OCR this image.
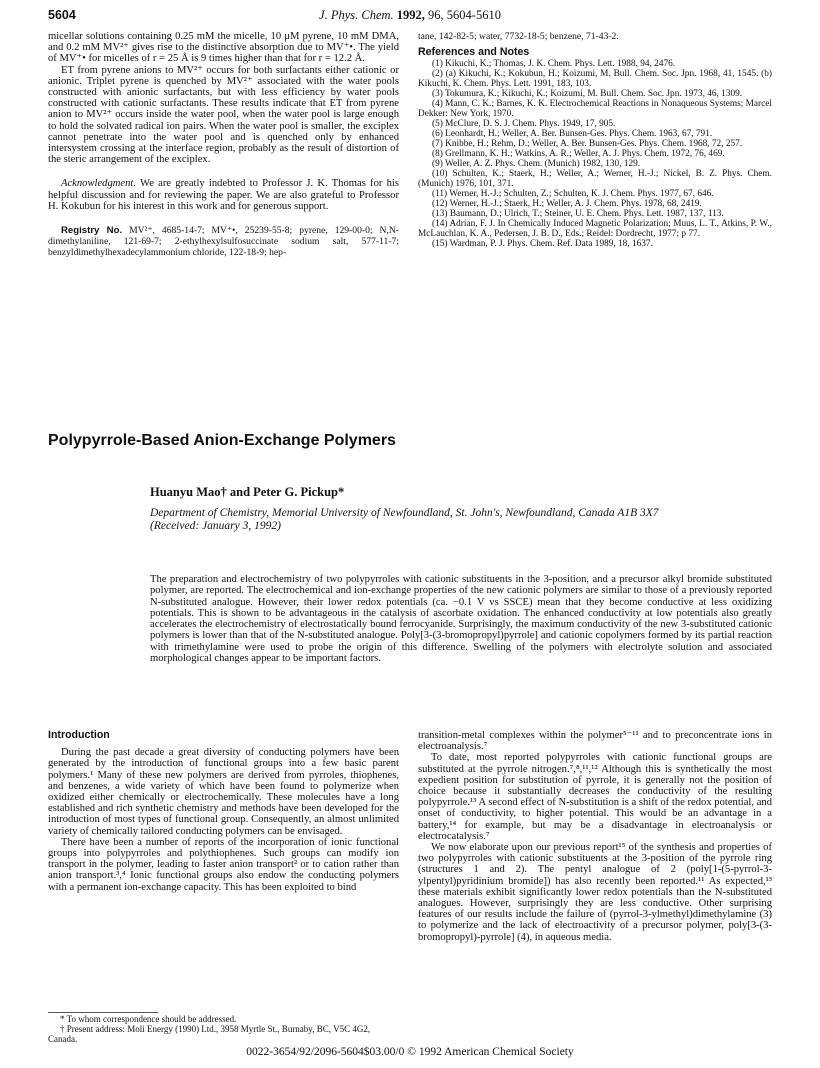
5604	J. Phys. Chem. 1992, 96, 5604-5610

micellar solutions containing 0.25 mM the micelle, 10 μM pyrene, 10 mM DMA, and 0.2 mM MV²⁺ gives rise to the distinctive absorption due to MV⁺•. The yield of MV⁺• for micelles of r = 25 Å is 9 times higher than that for r = 12.2 Å.

ET from pyrene anions to MV²⁺ occurs for both surfactants either cationic or anionic. Triplet pyrene is quenched by MV²⁺ associated with the water pools constructed with anionic surfactants, but with less efficiency by water pools constructed with cationic surfactants. These results indicate that ET from pyrene anion to MV²⁺ occurs inside the water pool, when the water pool is large enough to hold the solvated radical ion pairs. When the water pool is smaller, the exciplex cannot penetrate into the water pool and is quenched only by enhanced intersystem crossing at the interface region, probably as the result of distortion of the steric arrangement of the exciplex.

Acknowledgment. We are greatly indebted to Professor J. K. Thomas for his helpful discussion and for reviewing the paper. We are also grateful to Professor H. Kokubun for his interest in this work and for generous support.

Registry No. MV²⁺, 4685-14-7; MV⁺•, 25239-55-8; pyrene, 129-00-0; N,N-dimethylaniline, 121-69-7; 2-ethylhexylsulfosuccinate sodium salt, 577-11-7; benzyldimethylhexadecylammonium chloride, 122-18-9; hep-

tane, 142-82-5; water, 7732-18-5; benzene, 71-43-2.

References and Notes
(1) Kikuchi, K.; Thomas, J. K. Chem. Phys. Lett. 1988, 94, 2476.
(2) (a) Kikuchi, K.; Kokubun, H.; Koizumi, M. Bull. Chem. Soc. Jpn. 1968, 41, 1545. (b) Kikuchi, K. Chem. Phys. Lett. 1991, 183, 103.
(3) Tokumura, K.; Kikuchi, K.; Koizumi, M. Bull. Chem. Soc. Jpn. 1973, 46, 1309.
(4) Mann, C. K.; Barnes, K. K. Electrochemical Reactions in Nonaqueous Systems; Marcel Dekker: New York, 1970.
(5) McClure, D. S. J. Chem. Phys. 1949, 17, 905.
(6) Leonhardt, H.; Weller, A. Ber. Bunsen-Ges. Phys. Chem. 1963, 67, 791.
(7) Knibbe, H.; Rehm, D.; Weller, A. Ber. Bunsen-Ges. Phys. Chem. 1968, 72, 257.
(8) Grellmann, K. H.; Watkins, A. R.; Weller, A. J. Phys. Chem. 1972, 76, 469.
(9) Weller, A. Z. Phys. Chem. (Munich) 1982, 130, 129.
(10) Schulten, K.; Staerk, H.; Weller, A.; Werner, H.-J.; Nickel, B. Z. Phys. Chem. (Munich) 1976, 101, 371.
(11) Werner, H.-J.; Schulten, Z.; Schulten, K. J. Chem. Phys. 1977, 67, 646.
(12) Werner, H.-J.; Staerk, H.; Weller, A. J. Chem. Phys. 1978, 68, 2419.
(13) Baumann, D.; Ulrich, T.; Steiner, U. E. Chem. Phys. Lett. 1987, 137, 113.
(14) Adrian, F. J. In Chemically Induced Magnetic Polarization; Muus, L. T., Atkins, P. W., McLauchlan, K. A., Pedersen, J. B. D., Eds.; Reidel: Dordrecht, 1977; p 77.
(15) Wardman, P. J. Phys. Chem. Ref. Data 1989, 18, 1637.
Polypyrrole-Based Anion-Exchange Polymers
Huanyu Mao† and Peter G. Pickup*
Department of Chemistry, Memorial University of Newfoundland, St. John's, Newfoundland, Canada A1B 3X7
(Received: January 3, 1992)
The preparation and electrochemistry of two polypyrroles with cationic substituents in the 3-position, and a precursor alkyl bromide substituted polymer, are reported. The electrochemical and ion-exchange properties of the new cationic polymers are similar to those of a previously reported N-substituted analogue. However, their lower redox potentials (ca. −0.1 V vs SSCE) mean that they become conductive at less oxidizing potentials. This is shown to be advantageous in the catalysis of ascorbate oxidation. The enhanced conductivity at low potentials also greatly accelerates the electrochemistry of electrostatically bound ferrocyanide. Surprisingly, the maximum conductivity of the new 3-substituted cationic polymers is lower than that of the N-substituted analogue. Poly[3-(3-bromopropyl)pyrrole] and cationic copolymers formed by its partial reaction with trimethylamine were used to probe the origin of this difference. Swelling of the polymers with electrolyte solution and associated morphological changes appear to be important factors.
Introduction

During the past decade a great diversity of conducting polymers have been generated by the introduction of functional groups into a few basic parent polymers.¹ Many of these new polymers are derived from pyrroles, thiophenes, and benzenes, a wide variety of which have been found to polymerize when oxidized either chemically or electrochemically. These molecules have a long established and rich synthetic chemistry and methods have been developed for the introduction of most types of functional group. Consequently, an almost unlimited variety of chemically tailored conducting polymers can be envisaged.

There have been a number of reports of the incorporation of ionic functional groups into polypyrroles and polythiophenes. Such groups can modify ion transport in the polymer, leading to faster anion transport² or to cation rather than anion transport.³,⁴ Ionic functional groups also endow the conducting polymers with a permanent ion-exchange capacity. This has been exploited to bind

* To whom correspondence should be addressed.
† Present address: Moli Energy (1990) Ltd., 3958 Myrtle St., Burnaby, BC, V5C 4G2, Canada.

transition-metal complexes within the polymer⁵⁻¹¹ and to preconcentrate ions in electroanalysis.⁷

To date, most reported polypyrroles with cationic functional groups are substituted at the pyrrole nitrogen.⁷,⁸,¹¹,¹² Although this is synthetically the most expedient position for substitution of pyrrole, it is generally not the position of choice because it substantially decreases the conductivity of the resulting polypyrrole.¹³ A second effect of N-substitution is a shift of the redox potential, and onset of conductivity, to higher potential. This would be an advantage in a battery,¹⁴ for example, but may be a disadvantage in electroanalysis or electrocatalysis.⁷

We now elaborate upon our previous report¹⁵ of the synthesis and properties of two polypyrroles with cationic substituents at the 3-position of the pyrrole ring (structures 1 and 2). The pentyl analogue of 2 (poly[1-(5-pyrrol-3-ylpentyl)pyridinium bromide]) has also recently been reported.¹¹ As expected,¹³ these materials exhibit significantly lower redox potentials than the N-substituted analogues. However, surprisingly they are less conductive. Other surprising features of our results include the failure of (pyrrol-3-ylmethyl)dimethylamine (3) to polymerize and the lack of electroactivity of a precursor polymer, poly[3-(3-bromopropyl)-pyrrole] (4), in aqueous media.

0022-3654/92/2096-5604$03.00/0 © 1992 American Chemical Society
